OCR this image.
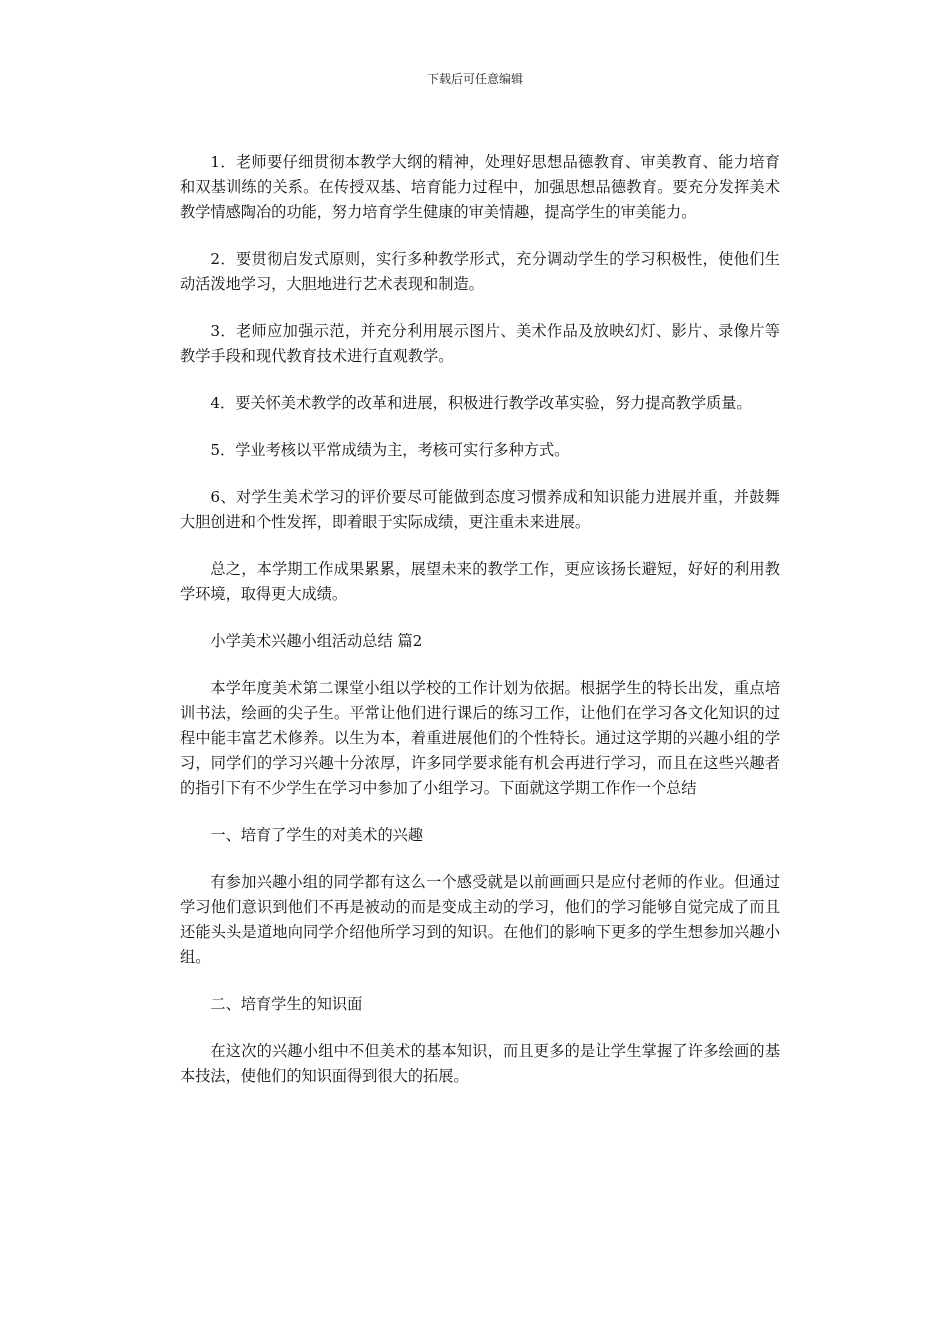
下载后可任意编辑

1．老师要仔细贯彻本教学大纲的精神，处理好思想品德教育、审美教育、能力培育和双基训练的关系。在传授双基、培育能力过程中，加强思想品德教育。要充分发挥美术教学情感陶冶的功能，努力培育学生健康的审美情趣，提高学生的审美能力。

2．要贯彻启发式原则，实行多种教学形式，充分调动学生的学习积极性，使他们生动活泼地学习，大胆地进行艺术表现和制造。

3．老师应加强示范，并充分利用展示图片、美术作品及放映幻灯、影片、录像片等教学手段和现代教育技术进行直观教学。

4．要关怀美术教学的改革和进展，积极进行教学改革实验，努力提高教学质量。

5．学业考核以平常成绩为主，考核可实行多种方式。

6、对学生美术学习的评价要尽可能做到态度习惯养成和知识能力进展并重，并鼓舞大胆创进和个性发挥，即着眼于实际成绩，更注重未来进展。

总之，本学期工作成果累累，展望未来的教学工作，更应该扬长避短，好好的利用教学环境，取得更大成绩。

小学美术兴趣小组活动总结 篇2

本学年度美术第二课堂小组以学校的工作计划为依据。根据学生的特长出发，重点培训书法，绘画的尖子生。平常让他们进行课后的练习工作，让他们在学习各文化知识的过程中能丰富艺术修养。以生为本，着重进展他们的个性特长。通过这学期的兴趣小组的学习，同学们的学习兴趣十分浓厚，许多同学要求能有机会再进行学习，而且在这些兴趣者的指引下有不少学生在学习中参加了小组学习。下面就这学期工作作一个总结

一、培育了学生的对美术的兴趣

有参加兴趣小组的同学都有这么一个感受就是以前画画只是应付老师的作业。但通过学习他们意识到他们不再是被动的而是变成主动的学习，他们的学习能够自觉完成了而且还能头头是道地向同学介绍他所学习到的知识。在他们的影响下更多的学生想参加兴趣小组。

二、培育学生的知识面

在这次的兴趣小组中不但美术的基本知识，而且更多的是让学生掌握了许多绘画的基本技法，使他们的知识面得到很大的拓展。
